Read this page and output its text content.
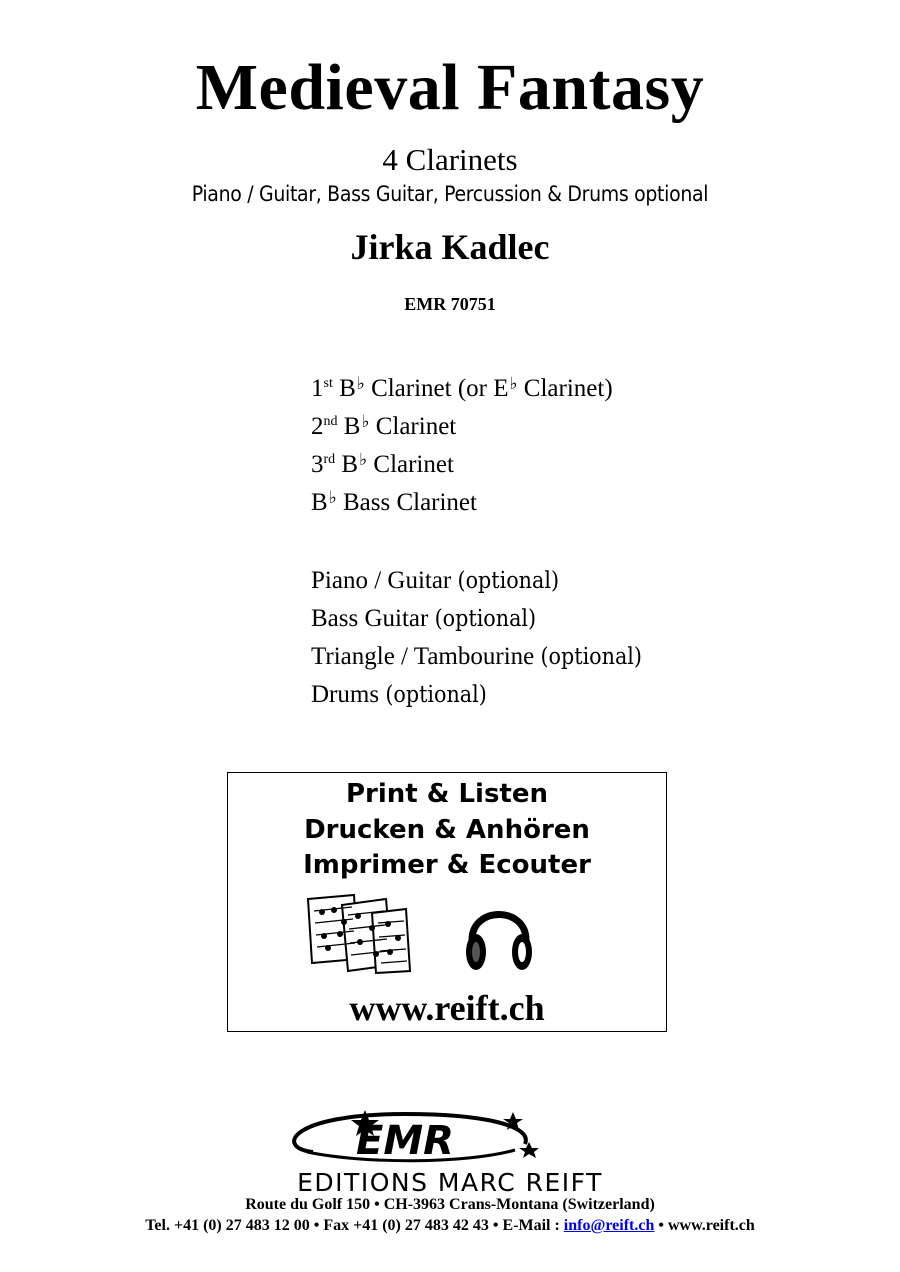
Medieval Fantasy
4 Clarinets
Piano / Guitar, Bass Guitar, Percussion & Drums optional
Jirka Kadlec
EMR 70751
1st B♭ Clarinet (or E♭ Clarinet)
2nd B♭ Clarinet
3rd B♭ Clarinet
B♭ Bass Clarinet
Piano / Guitar (optional)
Bass Guitar (optional)
Triangle / Tambourine (optional)
Drums (optional)
Print & Listen
Drucken & Anhören
Imprimer & Ecouter
www.reift.ch
EMR
EDITIONS MARC REIFT
Route du Golf 150 • CH-3963 Crans-Montana (Switzerland)
Tel. +41 (0) 27 483 12 00 • Fax +41 (0) 27 483 42 43 • E-Mail : info@reift.ch • www.reift.ch
